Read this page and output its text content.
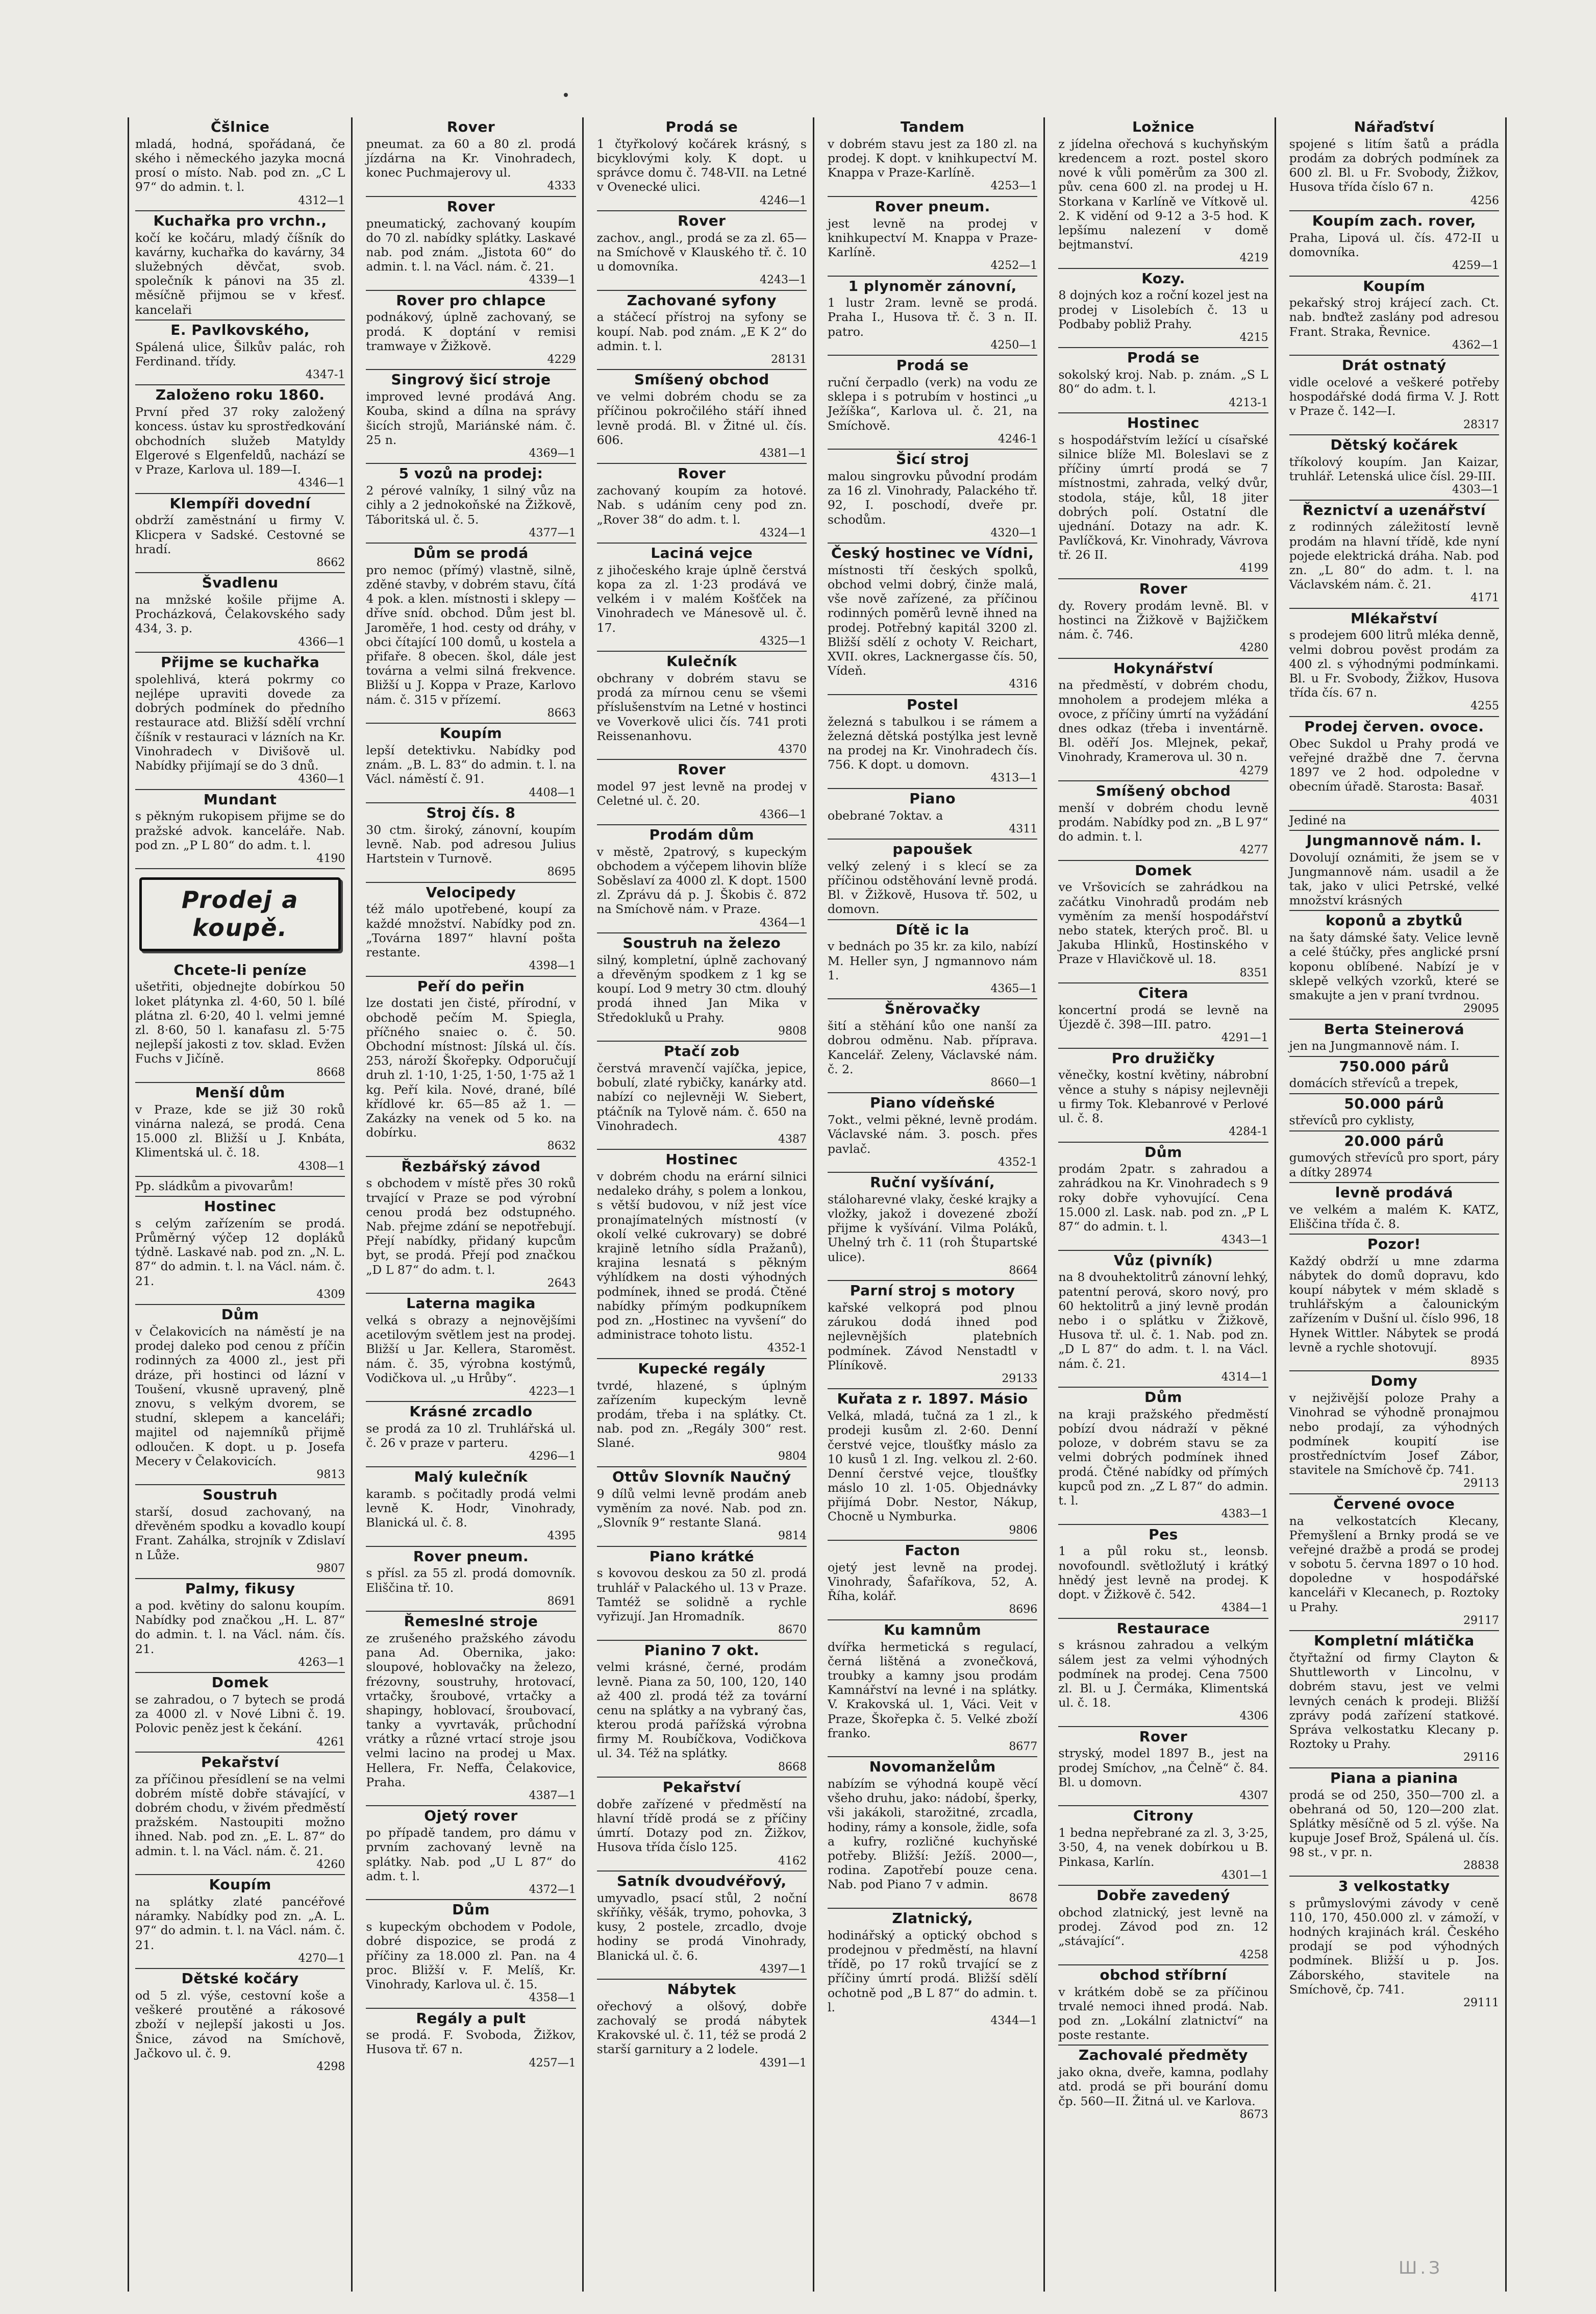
Čšlnice
mladá, hodná, spořádaná, če ského i německého jazyka mocná prosí o místo. Nab. pod zn. „C L 97“ do admin. t. l.
4312—1
Kuchařka pro vrchn.,
kočí ke kočáru, mladý číšník do kavárny, kuchařka do kavárny, 34 služebných děvčat, svob. společník k pánovi na 35 zl. měsíčně přijmou se v křesť. kancelaři
E. Pavlkovského,
Spálená ulice, Šilkův palác, roh Ferdinand. třídy.
4347-1
Založeno roku 1860.
První před 37 roky založený koncess. ústav ku sprostředkování obchodních služeb Matyldy Elgerové s Elgenfeldů, nachází se v Praze, Karlova ul. 189—I.
4346—1
Klempíři dovední
obdrží zaměstnání u firmy V. Klicpera v Sadské. Cestovné se hradí.
8662
Švadlenu
na mnžské košile přijme A. Procházková, Čelakovského sady 434, 3. p.
4366—1
Přijme se kuchařka
spolehlivá, která pokrmy co nejlépe upraviti dovede za dobrých podmínek do předního restaurace atd. Bližší sdělí vrchní číšník v restauraci v lázních na Kr. Vinohradech v Divišově ul. Nabídky přijímají se do 3 dnů.
4360—1
Mundant
s pěkným rukopisem přijme se do pražské advok. kanceláře. Nab. pod zn. „P L 80“ do adm. t. l.
4190
Prodej a koupě.
Chcete-li peníze
ušetřiti, objednejte dobírkou 50 loket plátynka zl. 4·60, 50 l. bílé plátna zl. 6·20, 40 l. velmi jemné zl. 8·60, 50 l. kanafasu zl. 5·75 nejlepší jakosti z tov. sklad. Evžen Fuchs v Jičíně.
8668
Menší dům
v Praze, kde se již 30 roků vinárna nalezá, se prodá. Cena 15.000 zl. Bližší u J. Knbáta, Klimentská ul. č. 18.
4308—1
Pp. sládkům a pivovarům!
Hostinec
s celým zařízením se prodá. Průměrný výčep 12 dopláků týdně. Laskavé nab. pod zn. „N. L. 87“ do admin. t. l. na Václ. nám. č. 21.
4309
Dům
v Čelakovicích na náměstí je na prodej daleko pod cenou z příčin rodinných za 4000 zl., jest při dráze, při hostinci od lázní v Toušení, vkusně upravený, plně znovu, s velkým dvorem, se studní, sklepem a kanceláři; majitel od najemníků přijmě odloučen. K dopt. u p. Josefa Mecery v Čelakovicích.
9813
Soustruh
starší, dosud zachovaný, na dřevěném spodku a kovadlo koupí Frant. Zahálka, strojník v Zdislaví n Lůže.
9807
Palmy, fikusy
a pod. květiny do salonu koupím. Nabídky pod značkou „H. L. 87“ do admin. t. l. na Václ. nám. čís. 21.
4263—1
Domek
se zahradou, o 7 bytech se prodá za 4000 zl. v Nové Libni č. 19. Polovic peněz jest k čekání.
4261
Pekařství
za příčinou přesídlení se na velmi dobrém místě dobře stávající, v dobrém chodu, v živém předměstí pražském. Nastoupiti možno ihned. Nab. pod zn. „E. L. 87“ do admin. t. l. na Václ. nám. č. 21.
4260
Koupím
na splátky zlaté pancéřové náramky. Nabídky pod zn. „A. L. 97“ do admin. t. l. na Václ. nám. č. 21.
4270—1
Dětské kočáry
od 5 zl. výše, cestovní koše a veškeré proutěné a rákosové zboží v nejlepší jakosti u Jos. Šnice, závod na Smíchově, Jačkovo ul. č. 9.
4298
Rover
pneumat. za 60 a 80 zl. prodá jízdárna na Kr. Vinohradech, konec Puchmajerovy ul.
4333
Rover
pneumatický, zachovaný koupím do 70 zl. nabídky splátky. Laskavé nab. pod znám. „Jistota 60“ do admin. t. l. na Václ. nám. č. 21.
4339—1
Rover pro chlapce
podnákový, úplně zachovaný, se prodá. K doptání v remisi tramwaye v Žižkově.
4229
Singrový šicí stroje
improved levné prodává Ang. Kouba, skind a dílna na správy šicích strojů, Mariánské nám. č. 25 n.
4369—1
5 vozů na prodej:
2 pérové valníky, 1 silný vůz na cihly a 2 jednokoňské na Žižkově, Táboritská ul. č. 5.
4377—1
Dům se prodá
pro nemoc (přímý) vlastně, silně, zděné stavby, v dobrém stavu, čítá 4 pok. a klen. místnosti i sklepy — dříve sníd. obchod. Dům jest bl. Jaroměře, 1 hod. cesty od dráhy, v obci čítající 100 domů, u kostela a přifaře. 8 obecen. škol, dále jest továrna a velmi silná frekvence. Bližší u J. Koppa v Praze, Karlovo nám. č. 315 v přízemí.
8663
Koupím
lepší detektivku. Nabídky pod znám. „B. L. 83“ do admin. t. l. na Václ. náměstí č. 91.
4408—1
Stroj čís. 8
30 ctm. široký, zánovní, koupím levně. Nab. pod adresou Julius Hartstein v Turnově.
8695
Velocipedy
též málo upotřebené, koupí za každé množství. Nabídky pod zn. „Továrna 1897“ hlavní pošta restante.
4398—1
Peří do peřin
lze dostati jen čisté, přírodní, v obchodě pečím M. Spiegla, příčného snaiec o. č. 50. Obchodní místnost: Jílská ul. čís. 253, nároží Škořepky. Odporučují druh zl. 1·10, 1·25, 1·50, 1·75 až 1 kg. Peří kila. Nové, drané, bílé křídlové kr. 65—85 až 1. — Zakázky na venek od 5 ko. na dobírku.
8632
Řezbářský závod
s obchodem v místě přes 30 roků trvající v Praze se pod výrobní cenou prodá bez odstupného. Nab. přejme zdání se nepotřebují. Přejí nabídky, přidaný kupcům byt, se prodá. Přejí pod značkou „D L 87“ do adm. t. l.
2643
Laterna magika
velká s obrazy a nejnovějšími acetilovým světlem jest na prodej. Bližší u Jar. Kellera, Staroměst. nám. č. 35, výrobna kostýmů, Vodičkova ul. „u Hrůby“.
4223—1
Krásné zrcadlo
se prodá za 10 zl. Truhlářská ul. č. 26 v praze v parteru.
4296—1
Malý kulečník
karamb. s počitadly prodá velmi levně K. Hodr, Vinohrady, Blanická ul. č. 8.
4395
Rover pneum.
s přísl. za 55 zl. prodá domovník. Eliščina tř. 10.
8691
Řemeslné stroje
ze zrušeného pražského závodu pana Ad. Obernika, jako: sloupové, hoblovačky na železo, frézovny, soustruhy, hrotovací, vrtačky, šroubové, vrtačky a shapingy, hoblovací, šroubovací, tanky a vyvrtavák, průchodní vrátky a různé vrtací stroje jsou velmi lacino na prodej u Max. Hellera, Fr. Neffa, Čelakovice, Praha.
4387—1
Ojetý rover
po případě tandem, pro dámu v prvním zachovaný levně na splátky. Nab. pod „U L 87“ do adm. t. l.
4372—1
Dům
s kupeckým obchodem v Podole, dobré dispozice, se prodá z příčiny za 18.000 zl. Pan. na 4 proc. Bližší v. F. Melíš, Kr. Vinohrady, Karlova ul. č. 15.
4358—1
Regály a pult
se prodá. F. Svoboda, Žižkov, Husova tř. 67 n.
4257—1
Prodá se
1 čtyřkolový kočárek krásný, s bicyklovými koly. K dopt. u správce domu č. 748-VII. na Letné v Ovenecké ulici.
4246—1
Rover
zachov., angl., prodá se za zl. 65— na Smíchově v Klauského tř. č. 10 u domovníka.
4243—1
Zachované syfony
a stáčecí přístroj na syfony se koupí. Nab. pod znám. „E K 2“ do admin. t. l.
28131
Smíšený obchod
ve velmi dobrém chodu se za příčinou pokročilého stáří ihned levně prodá. Bl. v Žitné ul. čís. 606.
4381—1
Rover
zachovaný koupím za hotové. Nab. s udáním ceny pod zn. „Rover 38“ do adm. t. l.
4324—1
Laciná vejce
z jihočeského kraje úplně čerstvá kopa za zl. 1·23 prodává ve velkém i v malém Košťček na Vinohradech ve Mánesově ul. č. 17.
4325—1
Kulečník
obchrany v dobrém stavu se prodá za mírnou cenu se všemi příslušenstvím na Letné v hostinci ve Voverkově ulici čís. 741 proti Reissenanhovu.
4370
Rover
model 97 jest levně na prodej v Celetné ul. č. 20.
4366—1
Prodám dům
v městě, 2patrový, s kupeckým obchodem a výčepem lihovin blíže Soběslaví za 4000 zl. K dopt. 1500 zl. Zprávu dá p. J. Škobis č. 872 na Smíchově nám. v Praze.
4364—1
Soustruh na železo
silný, kompletní, úplně zachovaný a dřevěným spodkem z 1 kg se koupí. Lod 9 metry 30 ctm. dlouhý prodá ihned Jan Mika v Středokluků u Prahy.
9808
Ptačí zob
čerstvá mravenčí vajíčka, jepice, bobulí, zlaté rybičky, kanárky atd. nabízí co nejlevněji W. Siebert, ptáčník na Tylově nám. č. 650 na Vinohradech.
4387
Hostinec
v dobrém chodu na erární silnici nedaleko dráhy, s polem a lonkou, s větší budovou, v níž jest více pronajímatelných místností (v okolí velké cukrovary) se dobré krajině letního sídla Pražanů), krajina lesnatá s pěkným výhlídkem na dosti výhodných podmínek, ihned se prodá. Čtěné nabídky přímým podkupníkem pod zn. „Hostinec na vyvšení“ do administrace tohoto listu.
4352-1
Kupecké regály
tvrdé, hlazené, s úplným zařízením kupeckým levně prodám, třeba i na splátky. Ct. nab. pod zn. „Regály 300“ rest. Slané.
9804
Ottův Slovník Naučný
9 dílů velmi levně prodám aneb vyměním za nové. Nab. pod zn. „Slovník 9“ restante Slaná.
9814
Piano krátké
s kovovou deskou za 50 zl. prodá truhlář v Palackého ul. 13 v Praze. Tamtéž se solidně a rychle vyřizují. Jan Hromadník.
8670
Pianino 7 okt.
velmi krásné, černé, prodám levně. Piana za 50, 100, 120, 140 až 400 zl. prodá též za tovární cenu na splátky a na vybraný čas, kterou prodá pařížská výrobna firmy M. Roubíčkova, Vodičkova ul. 34. Též na splátky.
8668
Pekařství
dobře zařízené v předměstí na hlavní třídě prodá se z příčiny úmrtí. Dotazy pod zn. Žižkov, Husova třída číslo 125.
4162
Satník dvoudvéřový,
umyvadlo, psací stůl, 2 noční skříňky, věšák, trymo, pohovka, 3 kusy, 2 postele, zrcadlo, dvoje hodiny se prodá Vinohrady, Blanická ul. č. 6.
4397—1
Nábytek
ořechový a olšový, dobře zachovalý se prodá nábytek Krakovské ul. č. 11, též se prodá 2 starší garnitury a 2 lodele.
4391—1
Tandem
v dobrém stavu jest za 180 zl. na prodej. K dopt. v knihkupectví M. Knappa v Praze-Karlíně.
4253—1
Rover pneum.
jest levně na prodej v knihkupectví M. Knappa v Praze-Karlíně.
4252—1
1 plynoměr zánovní,
1 lustr 2ram. levně se prodá. Praha I., Husova tř. č. 3 n. II. patro.
4250—1
Prodá se
ruční čerpadlo (verk) na vodu ze sklepa i s potrubím v hostinci „u Ježíška“, Karlova ul. č. 21, na Smíchově.
4246-1
Šicí stroj
malou singrovku původní prodám za 16 zl. Vinohrady, Palackého tř. 92, I. poschodí, dveře pr. schodům.
4320—1
Český hostinec ve Vídni,
místnosti tří českých spolků, obchod velmi dobrý, činže malá, vše nově zařízené, za příčinou rodinných poměrů levně ihned na prodej. Potřebný kapitál 3200 zl. Bližší sdělí z ochoty V. Reichart, XVII. okres, Lacknergasse čís. 50, Vídeň.
4316
Postel
železná s tabulkou i se rámem a železná dětská postýlka jest levně na prodej na Kr. Vinohradech čís. 756. K dopt. u domovn.
4313—1
Piano
obebrané 7oktav. a
4311
papoušek
velký zelený i s klecí se za příčinou odstěhování levně prodá. Bl. v Žižkově, Husova tř. 502, u domovn.
Dítě ic la
v bednách po 35 kr. za kilo, nabízí M. Heller syn, J ngmannovo nám 1.
4365—1
Šněrovačky
šití a stěhání kůo one nanší za dobrou odměnu. Nab. příprava. Kancelář. Zeleny, Václavské nám. č. 2.
8660—1
Piano vídeňské
7okt., velmi pěkné, levně prodám. Václavské nám. 3. posch. přes pavlač.
4352-1
Ruční vyšívání,
stáloharevné vlaky, české krajky a vložky, jakož i dovezené zboží přijme k vyšívání. Vilma Poláků, Uhelný trh č. 11 (roh Štupartské ulice).
8664
Parní stroj s motory
kařské velkoprá pod plnou zárukou dodá ihned pod nejlevnějších platebních podmínek. Závod Nenstadtl v Plíníkově.
29133
Kuřata z r. 1897. Másio
Velká, mladá, tučná za 1 zl., k prodeji kusům zl. 2·60. Denní čerstvé vejce, tloušťky máslo za 10 kusů 1 zl. Ing. velkou zl. 2·60. Denní čerstvé vejce, tloušťky máslo 10 zl. 1·05. Objednávky přijímá Dobr. Nestor, Nákup, Chocně u Nymburka.
9806
Facton
ojetý jest levně na prodej. Vinohrady, Šafaříkova, 52, A. Říha, kolář.
8696
Ku kamnům
dvířka hermetická s regulací, černá lištěná a zvonečková, troubky a kamny jsou prodám Kamnářství na levné i na splátky. V. Krakovská ul. 1, Váci. Veit v Praze, Škořepka č. 5. Velké zboží franko.
8677
Novomanželům
nabízím se výhodná koupě věcí všeho druhu, jako: nádobí, šperky, vši jakákoli, starožitné, zrcadla, hodiny, rámy a konsole, židle, sofa a kufry, rozličné kuchyňské potřeby. Bližší: Ježíš. 2000—, rodina. Zapotřebí pouze cena. Nab. pod Piano 7 v admin.
8678
Zlatnický,
hodinářský a optický obchod s prodejnou v předměstí, na hlavní třídě, po 17 roků trvající se z příčiny úmrtí prodá. Bližší sdělí ochotně pod „B L 87“ do admin. t. l.
4344—1
Ložnice
z jídelna ořechová s kuchyňským kredencem a rozt. postel skoro nové k vůli poměrům za 300 zl. pův. cena 600 zl. na prodej u H. Storkana v Karlíně ve Vítkově ul. 2. K vidění od 9-12 a 3-5 hod. K lepšímu nalezení v domě bejtmanství.
4219
Kozy.
8 dojných koz a roční kozel jest na prodej v Lisolebích č. 13 u Podbaby pobliž Prahy.
4215
Prodá se
sokolský kroj. Nab. p. znám. „S L 80“ do adm. t. l.
4213-1
Hostinec
s hospodářstvím ležící u císařské silnice blíže Ml. Boleslavi se z příčiny úmrtí prodá se 7 místnostmi, zahrada, velký dvůr, stodola, stáje, kůl, 18 jiter dobrých polí. Ostatní dle ujednání. Dotazy na adr. K. Pavlíčková, Kr. Vinohrady, Vávrova tř. 26 II.
4199
Rover
dy. Rovery prodám levně. Bl. v hostinci na Žižkově v Bajžičkem nám. č. 746.
4280
Hokynářství
na předměstí, v dobrém chodu, mnoholem a prodejem mléka a ovoce, z příčiny úmrtí na vyžádání dnes odkaz (třeba i inventárně. Bl. oděří Jos. Mlejnek, pekař, Vinohrady, Kramerova ul. 30 n.
4279
Smíšený obchod
menší v dobrém chodu levně prodám. Nabídky pod zn. „B L 97“ do admin. t. l.
4277
Domek
ve Vršovicích se zahrádkou na začátku Vinohradů prodám neb vyměním za menší hospodářství nebo statek, kterých proč. Bl. u Jakuba Hlinků, Hostinského v Praze v Hlavičkově ul. 18.
8351
Citera
koncertní prodá se levně na Újezdě č. 398—III. patro.
4291—1
Pro družičky
věnečky, kostní květiny, nábrobní věnce a stuhy s nápisy nejlevněji u firmy Tok. Klebanrové v Perlové ul. č. 8.
4284-1
Dům
prodám 2patr. s zahradou a zahrádkou na Kr. Vinohradech s 9 roky dobře vyhovující. Cena 15.000 zl. Lask. nab. pod zn. „P L 87“ do admin. t. l.
4343—1
Vůz (pivník)
na 8 dvouhektolitrů zánovní lehký, patentní perová, skoro nový, pro 60 hektolitrů a jiný levně prodán nebo i o splátku v Žižkově, Husova tř. ul. č. 1. Nab. pod zn. „D L 87“ do adm. t. l. na Václ. nám. č. 21.
4314—1
Dům
na kraji pražského předměstí pobízí dvou nádraží v pěkné poloze, v dobrém stavu se za velmi dobrých podmínek ihned prodá. Čtěné nabídky od přímých kupců pod zn. „Z L 87“ do admin. t. l.
4383—1
Pes
1 a půl roku st., leonsb. novofoundl. světložlutý i krátký hnědý jest levně na prodej. K dopt. v Žižkově č. 542.
4384—1
Restaurace
s krásnou zahradou a velkým sálem jest za velmi výhodných podmínek na prodej. Cena 7500 zl. Bl. u J. Čermáka, Klimentská ul. č. 18.
4306
Rover
stryský, model 1897 B., jest na prodej Smíchov, „na Čelně“ č. 84. Bl. u domovn.
4307
Citrony
1 bedna nepřebrané za zl. 3, 3·25, 3·50, 4, na venek dobírkou u B. Pinkasa, Karlín.
4301—1
Dobře zavedený
obchod zlatnický, jest levně na prodej. Závod pod zn. 12 „stávající“.
4258
obchod stříbrní
v krátkém době se za příčinou trvalé nemoci ihned prodá. Nab. pod zn. „Lokální zlatnictví“ na poste restante.
Zachovalé předměty
jako okna, dveře, kamna, podlahy atd. prodá se při bourání domu čp. 560—II. Žitná ul. ve Karlova.
8673
Nářaďství
spojené s litím šatů a prádla prodám za dobrých podmínek za 600 zl. Bl. u Fr. Svobody, Žižkov, Husova třída číslo 67 n.
4256
Koupím zach. rover,
Praha, Lipová ul. čís. 472-II u domovníka.
4259—1
Koupím
pekařský stroj krájecí zach. Ct. nab. bnďtež zaslány pod adresou Frant. Straka, Řevnice.
4362—1
Drát ostnatý
vidle ocelové a veškeré potřeby hospodářské dodá firma V. J. Rott v Praze č. 142—I.
28317
Dětský kočárek
tříkolový koupím. Jan Kaizar, truhlář. Letenská ulice čísl. 29-III.
4303—1
Řeznictví a uzenářství
z rodinných záležitostí levně prodám na hlavní třídě, kde nyní pojede elektrická dráha. Nab. pod zn. „L 80“ do adm. t. l. na Václavském nám. č. 21.
4171
Mlékařství
s prodejem 600 litrů mléka denně, velmi dobrou pověst prodám za 400 zl. s výhodnými podmínkami. Bl. u Fr. Svobody, Žižkov, Husova třída čís. 67 n.
4255
Prodej červen. ovoce.
Obec Sukdol u Prahy prodá ve veřejné dražbě dne 7. června 1897 ve 2 hod. odpoledne v obecním úřadě. Starosta: Basař.
4031
Jediné na
Jungmannově nám. I.
Dovolují oznámiti, že jsem se v Jungmannově nám. usadil a že tak, jako v ulici Petrské, velké množství krásných
koponů a zbytků
na šaty dámské šaty. Velice levně a celé štúčky, přes anglické prsní koponu oblíbené. Nabízí je v sklepě velkých vzorků, které se smakujte a jen v praní tvrdnou.
29095
Berta Steinerová
jen na Jungmannově nám. I.
750.000 párů
domácích střevíců a trepek,
50.000 párů
střevíců pro cyklisty,
20.000 párů
gumových střevíců pro sport, páry a dítky 28974
levně prodává
ve velkém a malém K. KATZ, Eliščina třída č. 8.
Pozor!
Každý obdrží u mne zdarma nábytek do domů dopravu, kdo koupí nábytek v mém skladě s truhlářským a čalounickým zařízením v Dušní ul. číslo 996, 18 Hynek Wittler. Nábytek se prodá levně a rychle shotovují.
8935
Domy
v nejživější poloze Prahy a Vinohrad se výhodně pronajmou nebo prodají, za výhodných podmínek koupití ise prostředníctvím Josef Zábor, stavitele na Smíchově čp. 741.
29113
Červené ovoce
na velkostatcích Klecany, Přemyšlení a Brnky prodá se ve veřejné dražbě a prodá se prodej v sobotu 5. června 1897 o 10 hod. dopoledne v hospodářské kanceláři v Klecanech, p. Roztoky u Prahy.
29117
Kompletní mlátička
čtyřtažní od firmy Clayton & Shuttleworth v Lincolnu, v dobrém stavu, jest ve velmi levných cenách k prodeji. Bližší zprávy podá zařízení statkové. Správa velkostatku Klecany p. Roztoky u Prahy.
29116
Piana a pianina
prodá se od 250, 350—700 zl. a obehraná od 50, 120—200 zlat. Splátky měsíčně od 5 zl. výše. Na kupuje Josef Brož, Spálená ul. čís. 98 st., v pr. n.
28838
3 velkostatky
s průmyslovými závody v ceně 110, 170, 450.000 zl. v zámoží, v hodných krajinách král. Českého prodají se pod výhodných podmínek. Bližší u p. Jos. Záborského, stavitele na Smíchově, čp. 741.
29111
Ш.З
